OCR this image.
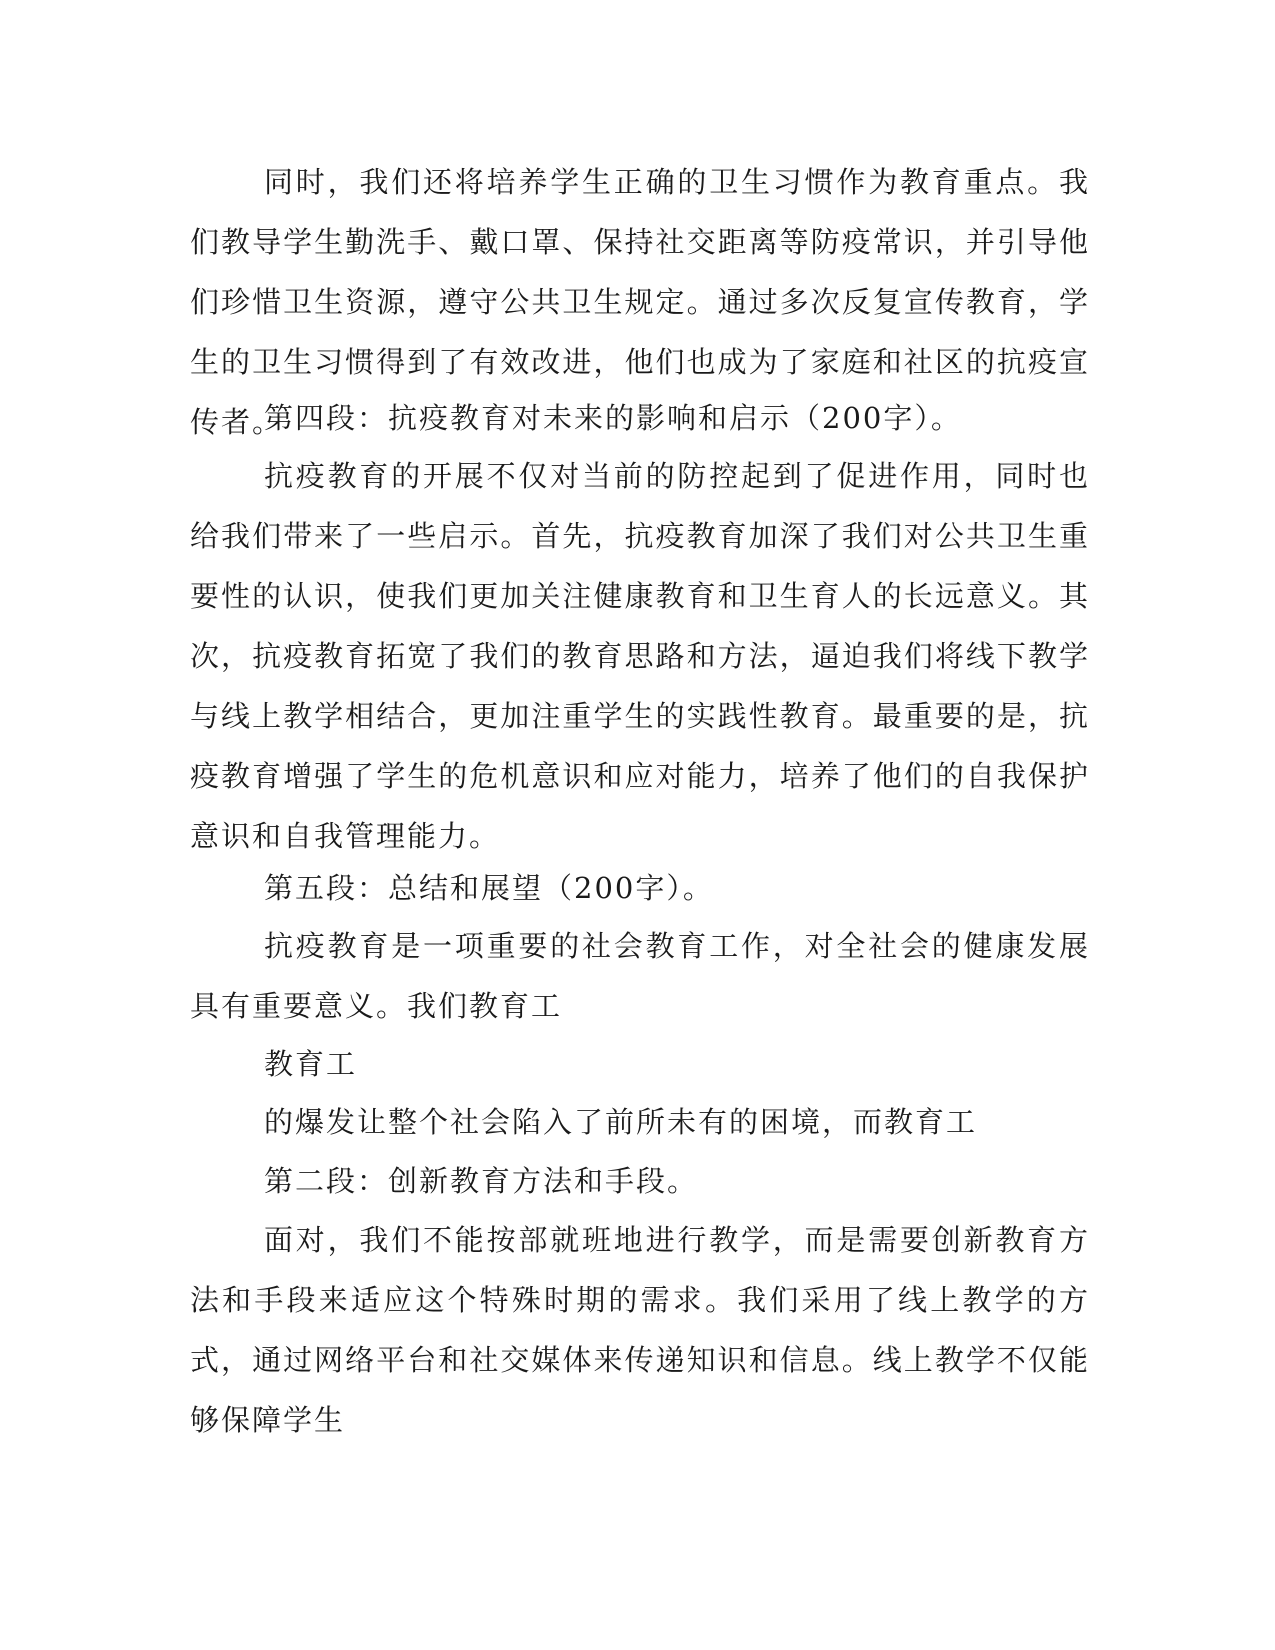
同时，我们还将培养学生正确的卫生习惯作为教育重点。我们教导学生勤洗手、戴口罩、保持社交距离等防疫常识，并引导他们珍惜卫生资源，遵守公共卫生规定。通过多次反复宣传教育，学生的卫生习惯得到了有效改进，他们也成为了家庭和社区的抗疫宣传者。

第四段：抗疫教育对未来的影响和启示（200字）。

抗疫教育的开展不仅对当前的防控起到了促进作用，同时也给我们带来了一些启示。首先，抗疫教育加深了我们对公共卫生重要性的认识，使我们更加关注健康教育和卫生育人的长远意义。其次，抗疫教育拓宽了我们的教育思路和方法，逼迫我们将线下教学与线上教学相结合，更加注重学生的实践性教育。最重要的是，抗疫教育增强了学生的危机意识和应对能力，培养了他们的自我保护意识和自我管理能力。

第五段：总结和展望（200字）。

抗疫教育是一项重要的社会教育工作，对全社会的健康发展具有重要意义。我们教育工

教育工

的爆发让整个社会陷入了前所未有的困境，而教育工

第二段：创新教育方法和手段。

面对，我们不能按部就班地进行教学，而是需要创新教育方法和手段来适应这个特殊时期的需求。我们采用了线上教学的方式，通过网络平台和社交媒体来传递知识和信息。线上教学不仅能够保障学生
